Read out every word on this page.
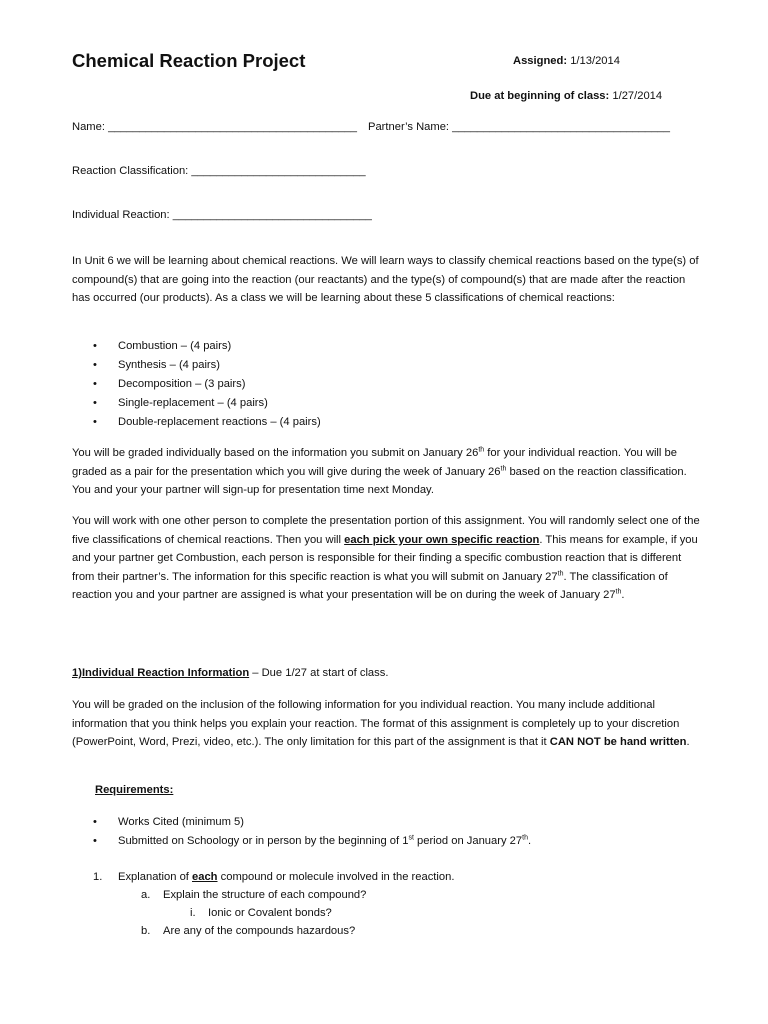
Chemical Reaction Project	Assigned: 1/13/2014
Due at beginning of class: 1/27/2014
Name: ________________________________________ Partner’s Name: ___________________________________
Reaction Classification: ____________________________
Individual Reaction: ________________________________

In Unit 6 we will be learning about chemical reactions. We will learn ways to classify chemical reactions based on the type(s) of compound(s) that are going into the reaction (our reactants) and the type(s) of compound(s) that are made after the reaction has occurred (our products). As a class we will be learning about these 5 classifications of chemical reactions:

• Combustion – (4 pairs)
• Synthesis – (4 pairs)
• Decomposition – (3 pairs)
• Single-replacement – (4 pairs)
• Double-replacement reactions – (4 pairs)

You will be graded individually based on the information you submit on January 26th for your individual reaction. You will be graded as a pair for the presentation which you will give during the week of January 26th based on the reaction classification. You and your your partner will sign-up for presentation time next Monday.

You will work with one other person to complete the presentation portion of this assignment. You will randomly select one of the five classifications of chemical reactions. Then you will each pick your own specific reaction. This means for example, if you and your partner get Combustion, each person is responsible for their finding a specific combustion reaction that is different from their partner’s. The information for this specific reaction is what you will submit on January 27th. The classification of reaction you and your partner are assigned is what your presentation will be on during the week of January 27th.

1)Individual Reaction Information – Due 1/27 at start of class.

You will be graded on the inclusion of the following information for you individual reaction. You many include additional information that you think helps you explain your reaction. The format of this assignment is completely up to your discretion (PowerPoint, Word, Prezi, video, etc.). The only limitation for this part of the assignment is that it CAN NOT be hand written.

Requirements:
• Works Cited (minimum 5)
• Submitted on Schoology or in person by the beginning of 1st period on January 27th.
1. Explanation of each compound or molecule involved in the reaction.
a. Explain the structure of each compound?
i. Ionic or Covalent bonds?
b. Are any of the compounds hazardous?
